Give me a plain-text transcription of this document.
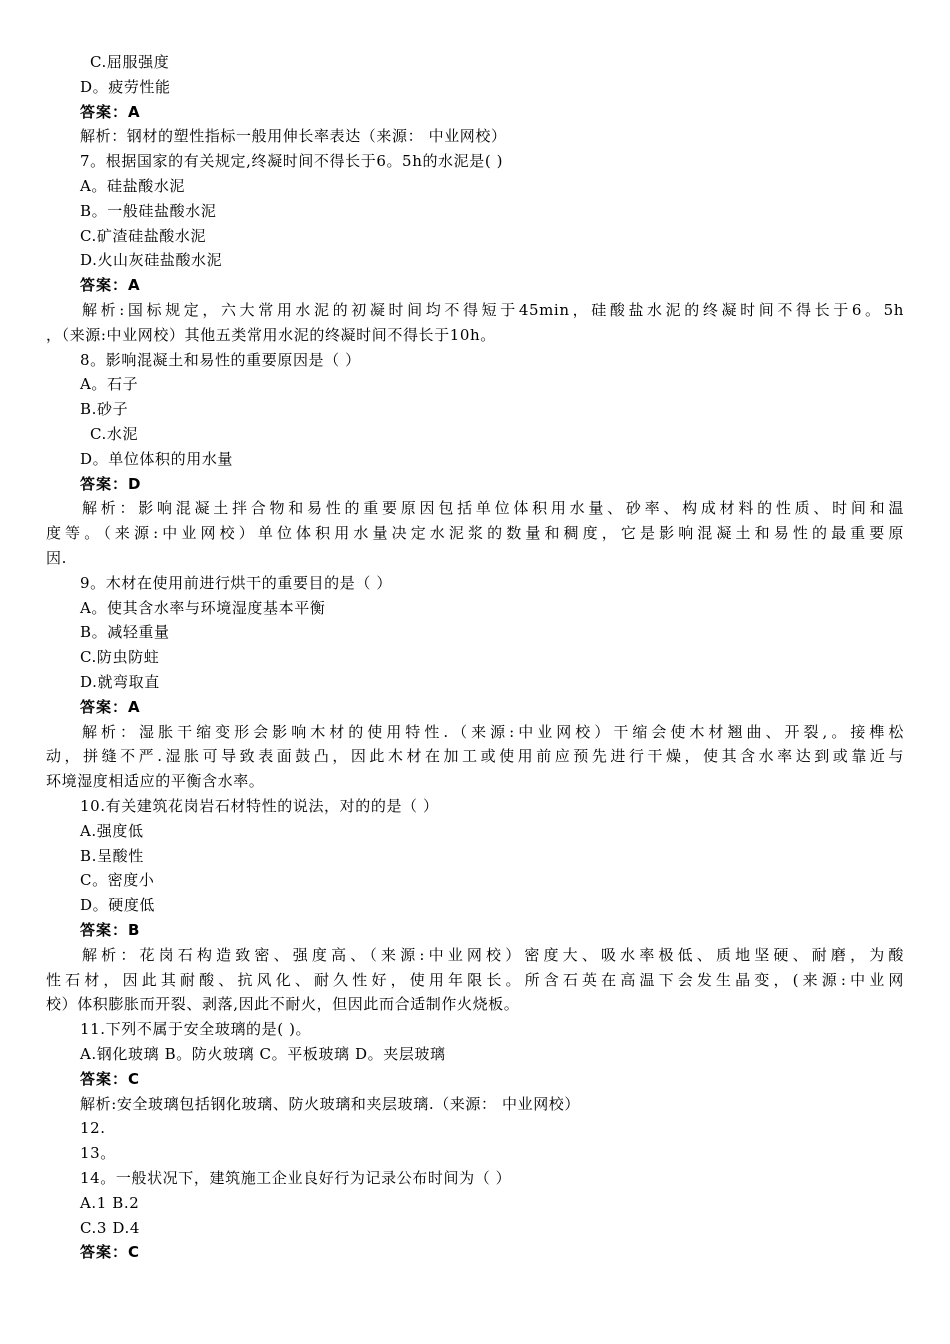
C.屈服强度
D。疲劳性能
答案：A
解析：钢材的塑性指标一般用伸长率表达（来源： 中业网校）
7。根据国家的有关规定,终凝时间不得长于6。5h的水泥是( )
A。硅盐酸水泥
B。一般硅盐酸水泥
C.矿渣硅盐酸水泥
D.火山灰硅盐酸水泥
答案：A
解析:国标规定，六大常用水泥的初凝时间均不得短于45min，硅酸盐水泥的终凝时间不得长于6。5h
，（来源:中业网校）其他五类常用水泥的终凝时间不得长于10h。
8。影响混凝土和易性的重要原因是（ ）
A。石子
B.砂子
C.水泥
D。单位体积的用水量
答案：D
解析：影响混凝土拌合物和易性的重要原因包括单位体积用水量、砂率、构成材料的性质、时间和温
度等。（来源:中业网校）单位体积用水量决定水泥浆的数量和稠度，它是影响混凝土和易性的最重要原
因.
9。木材在使用前进行烘干的重要目的是（ ）
A。使其含水率与环境湿度基本平衡
B。减轻重量
C.防虫防蛀
D.就弯取直
答案：A
解析：湿胀干缩变形会影响木材的使用特性.（来源:中业网校）干缩会使木材翘曲、开裂,。接榫松
动，拼缝不严.湿胀可导致表面鼓凸，因此木材在加工或使用前应预先进行干燥，使其含水率达到或靠近与
环境湿度相适应的平衡含水率。
10.有关建筑花岗岩石材特性的说法，对的的是（ ）
A.强度低
B.呈酸性
C。密度小
D。硬度低
答案：B
解析：花岗石构造致密、强度高、（来源:中业网校）密度大、吸水率极低、质地坚硬、耐磨，为酸
性石材，因此其耐酸、抗风化、耐久性好，使用年限长。所含石英在高温下会发生晶变，(来源:中业网
校）体积膨胀而开裂、剥落,因此不耐火，但因此而合适制作火烧板。
11.下列不属于安全玻璃的是( )。
A.钢化玻璃 B。防火玻璃 C。平板玻璃 D。夹层玻璃
答案：C
解析:安全玻璃包括钢化玻璃、防火玻璃和夹层玻璃.（来源： 中业网校）
12.
13。
14。一般状况下，建筑施工企业良好行为记录公布时间为（ ）
A.1 B.2
C.3 D.4
答案：C
